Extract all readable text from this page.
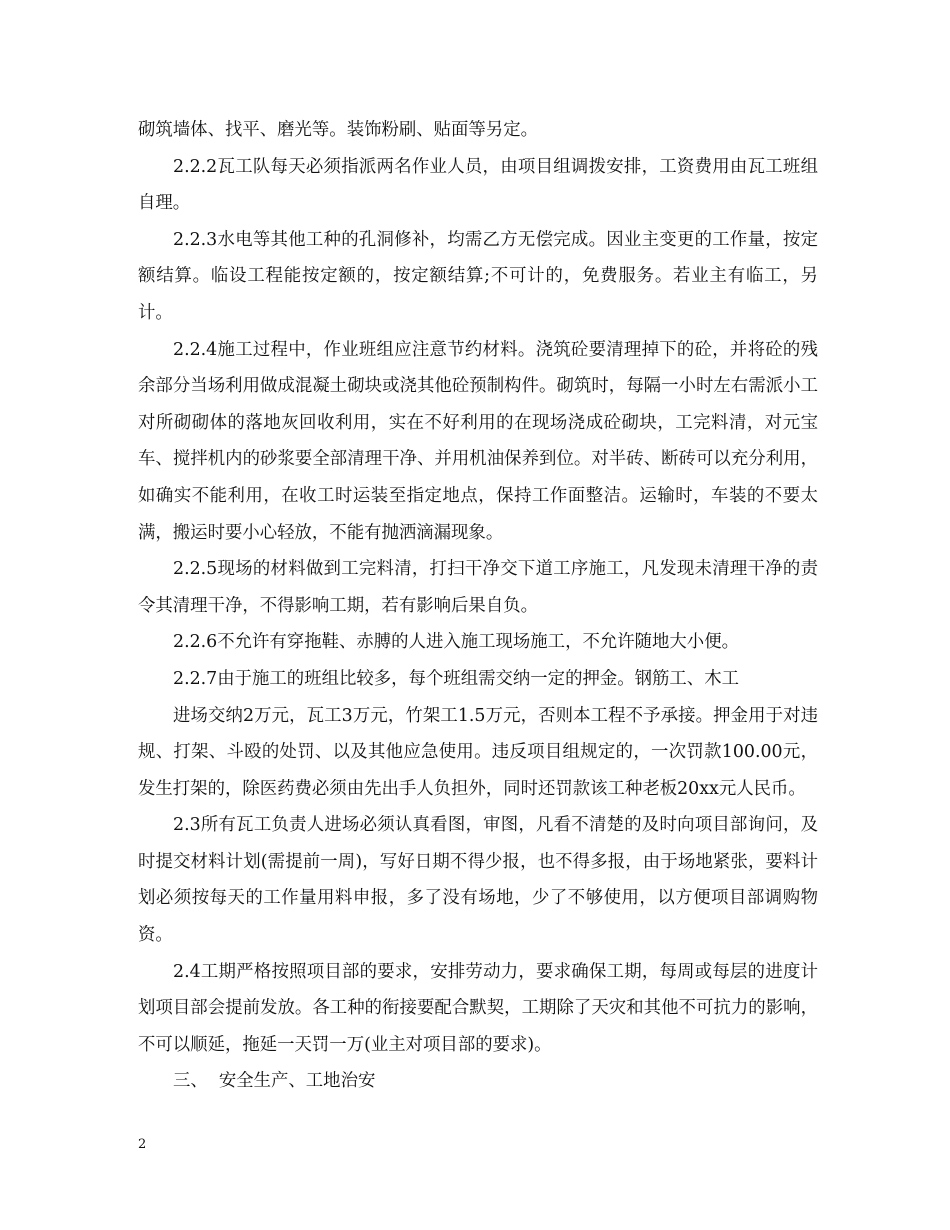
砌筑墙体、找平、磨光等。装饰粉刷、贴面等另定。

2.2.2瓦工队每天必须指派两名作业人员，由项目组调拨安排，工资费用由瓦工班组自理。

2.2.3水电等其他工种的孔洞修补，均需乙方无偿完成。因业主变更的工作量，按定额结算。临设工程能按定额的，按定额结算;不可计的，免费服务。若业主有临工，另计。

2.2.4施工过程中，作业班组应注意节约材料。浇筑砼要清理掉下的砼，并将砼的残余部分当场利用做成混凝土砌块或浇其他砼预制构件。砌筑时，每隔一小时左右需派小工对所砌砌体的落地灰回收利用，实在不好利用的在现场浇成砼砌块，工完料清，对元宝车、搅拌机内的砂浆要全部清理干净、并用机油保养到位。对半砖、断砖可以充分利用，如确实不能利用，在收工时运装至指定地点，保持工作面整洁。运输时，车装的不要太满，搬运时要小心轻放，不能有抛洒滴漏现象。

2.2.5现场的材料做到工完料清，打扫干净交下道工序施工，凡发现未清理干净的责令其清理干净，不得影响工期，若有影响后果自负。

2.2.6不允许有穿拖鞋、赤膊的人进入施工现场施工，不允许随地大小便。

2.2.7由于施工的班组比较多，每个班组需交纳一定的押金。钢筋工、木工

进场交纳2万元，瓦工3万元，竹架工1.5万元，否则本工程不予承接。押金用于对违规、打架、斗殴的处罚、以及其他应急使用。违反项目组规定的，一次罚款100.00元，发生打架的，除医药费必须由先出手人负担外，同时还罚款该工种老板20xx元人民币。

2.3所有瓦工负责人进场必须认真看图，审图，凡看不清楚的及时向项目部询问，及时提交材料计划(需提前一周)，写好日期不得少报，也不得多报，由于场地紧张，要料计划必须按每天的工作量用料申报，多了没有场地，少了不够使用，以方便项目部调购物资。

2.4工期严格按照项目部的要求，安排劳动力，要求确保工期，每周或每层的进度计划项目部会提前发放。各工种的衔接要配合默契，工期除了天灾和其他不可抗力的影响，不可以顺延，拖延一天罚一万(业主对项目部的要求)。

三、  安全生产、工地治安

2
